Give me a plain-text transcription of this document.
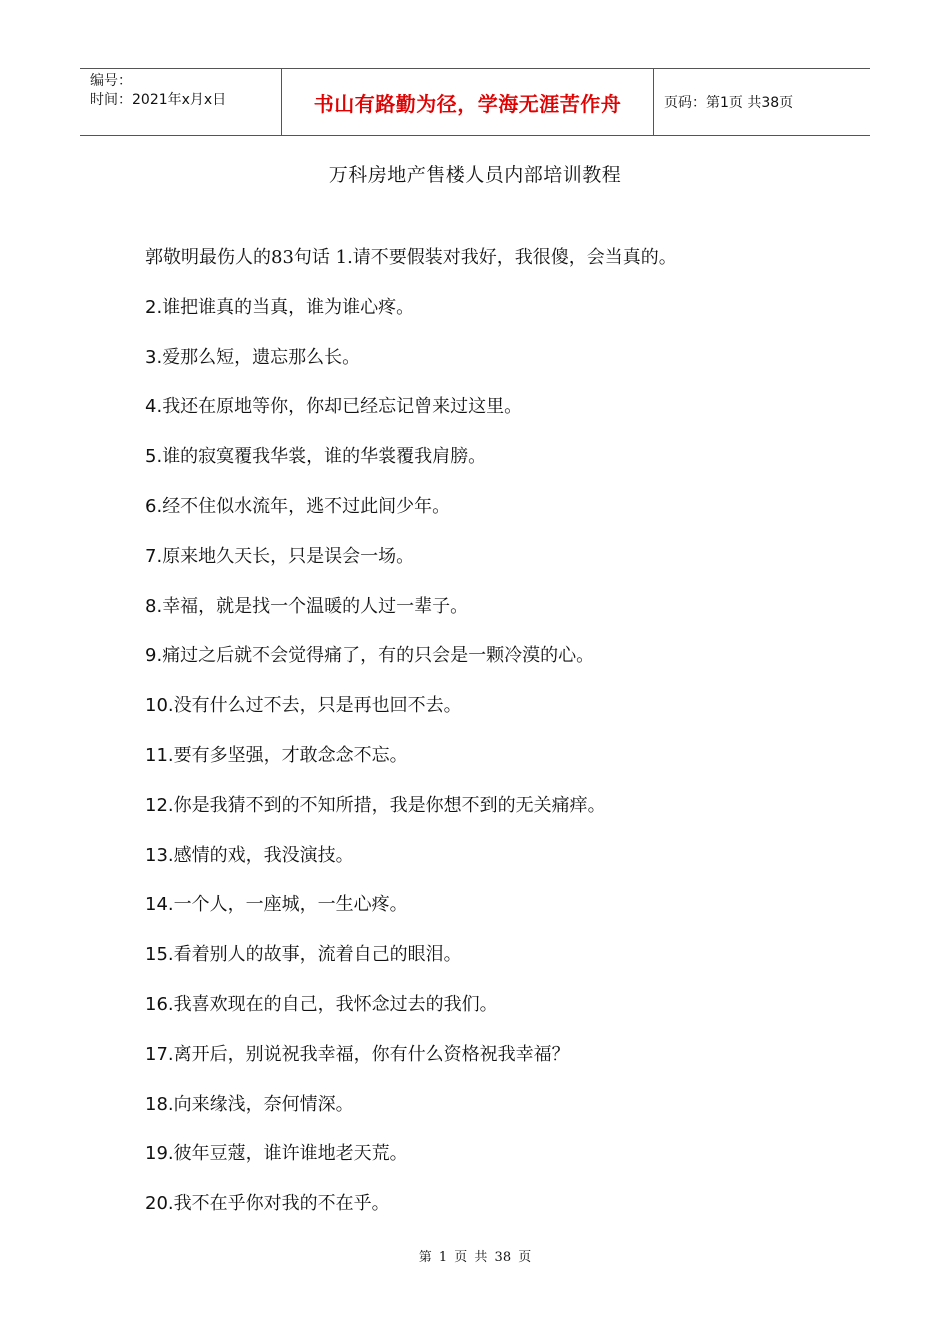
编号：
时间：2021年x月x日	书山有路勤为径，学海无涯苦作舟	页码：第1页 共38页
万科房地产售楼人员内部培训教程
郭敬明最伤人的83句话 1.请不要假装对我好，我很傻，会当真的。
2.谁把谁真的当真，谁为谁心疼。
3.爱那么短，遗忘那么长。
4.我还在原地等你，你却已经忘记曾来过这里。
5.谁的寂寞覆我华裳，谁的华裳覆我肩膀。
6.经不住似水流年，逃不过此间少年。
7.原来地久天长，只是误会一场。
8.幸福，就是找一个温暖的人过一辈子。
9.痛过之后就不会觉得痛了，有的只会是一颗冷漠的心。
10.没有什么过不去，只是再也回不去。
11.要有多坚强，才敢念念不忘。
12.你是我猜不到的不知所措，我是你想不到的无关痛痒。
13.感情的戏，我没演技。
14.一个人，一座城，一生心疼。
15.看着别人的故事，流着自己的眼泪。
16.我喜欢现在的自己，我怀念过去的我们。
17.离开后，别说祝我幸福，你有什么资格祝我幸福？
18.向来缘浅，奈何情深。
19.彼年豆蔻，谁许谁地老天荒。
20.我不在乎你对我的不在乎。
第 1 页 共 38 页
